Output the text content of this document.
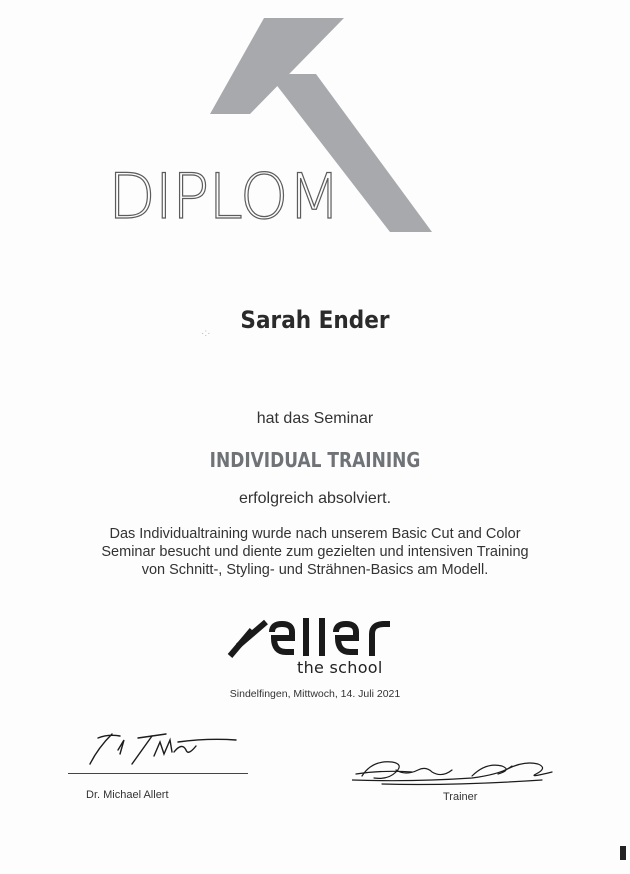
DIPLOM
·:·	Sarah Ender
hat das Seminar
INDIVIDUAL TRAINING
erfolgreich absolviert.
Das Individualtraining wurde nach unserem Basic Cut and Color
Seminar besucht und diente zum gezielten und intensiven Training
von Schnitt-, Styling- und Strähnen-Basics am Modell.
the school
Sindelfingen, Mittwoch, 14. Juli 2021
Dr. Michael Allert	Trainer
